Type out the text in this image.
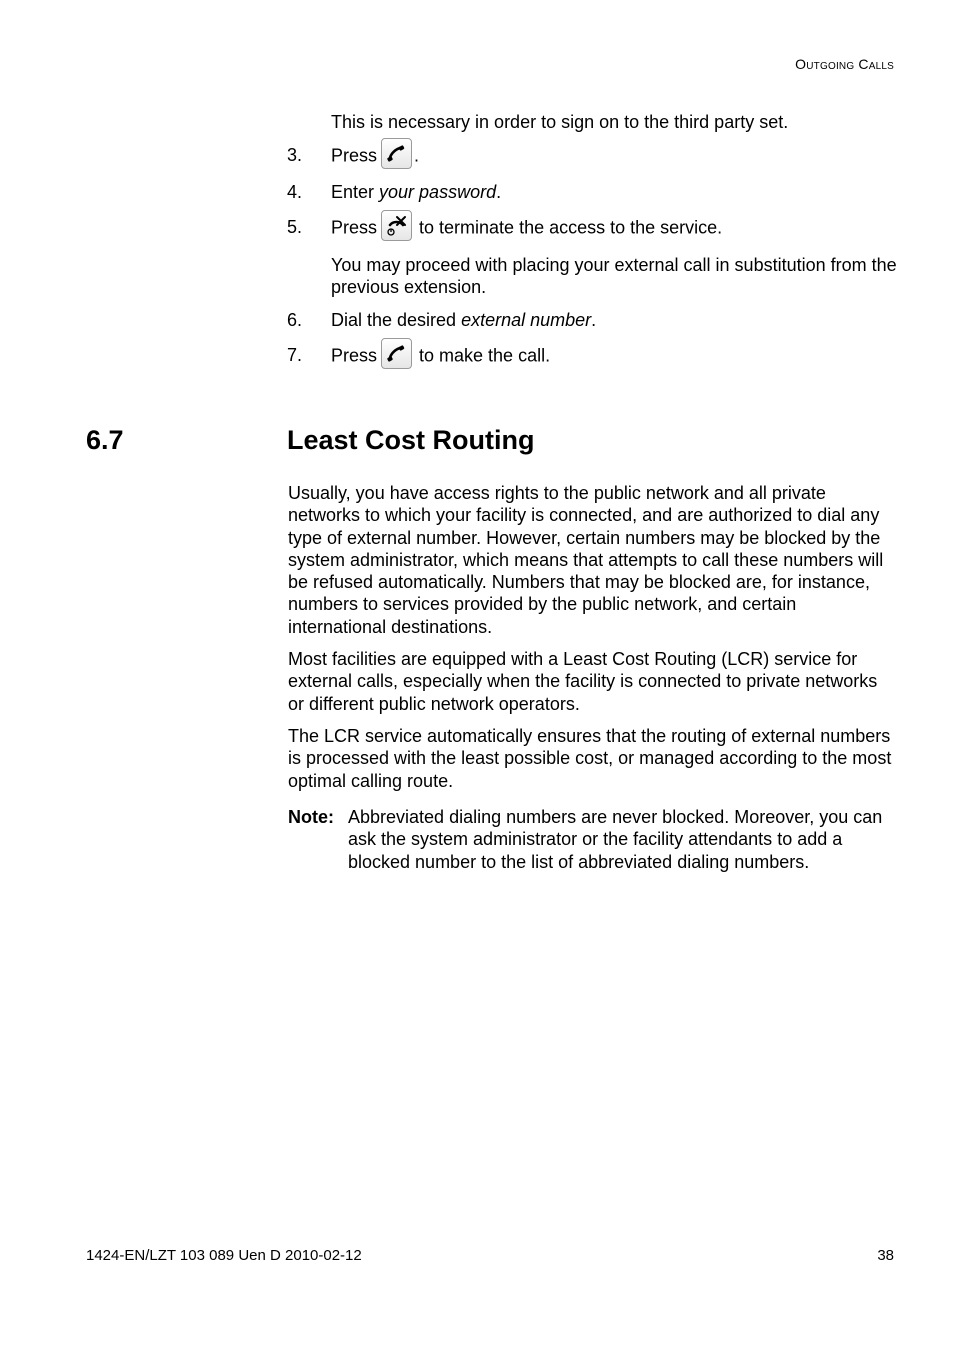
Outgoing Calls
This is necessary in order to sign on to the third party set.
3.	Press .
4.	Enter your password.
5.	Press
to terminate the access to the service.
You may proceed with placing your external call in substitution from the previous extension.
6.	Dial the desired external number.
7.	Press
to make the call.
6.7	Least Cost Routing
Usually, you have access rights to the public network and all private networks to which your facility is connected, and are authorized to dial any type of external number. However, certain numbers may be blocked by the system administrator, which means that attempts to call these numbers will be refused automatically. Numbers that may be blocked are, for instance, numbers to services provided by the public network, and certain international destinations.
Most facilities are equipped with a Least Cost Routing (LCR) service for external calls, especially when the facility is connected to private networks or different public network operators.
The LCR service automatically ensures that the routing of external numbers is processed with the least possible cost, or managed according to the most optimal calling route.
Note: Abbreviated dialing numbers are never blocked. Moreover, you can ask the system administrator or the facility attendants to add a blocked number to the list of abbreviated dialing numbers.
1424-EN/LZT 103 089 Uen D 2010-02-12	38
